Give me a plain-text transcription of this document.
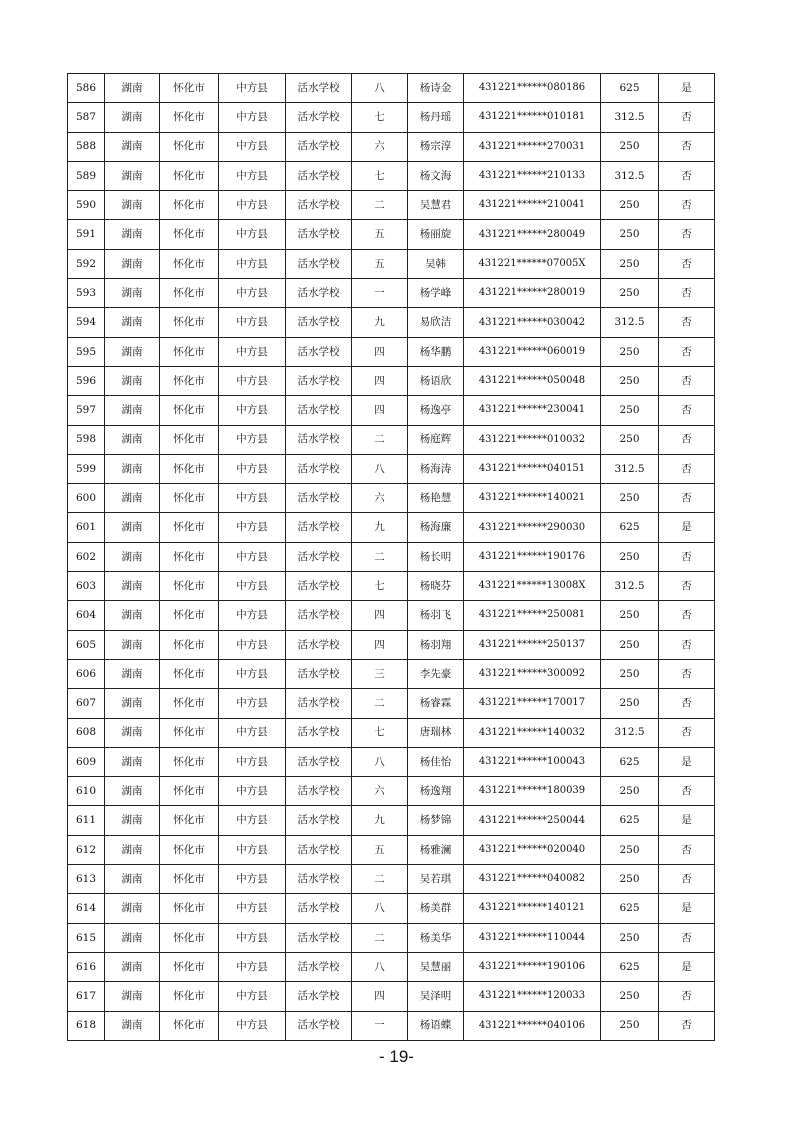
586	湖南	怀化市	中方县	活水学校	八	杨诗金	431221******080186	625	是
587	湖南	怀化市	中方县	活水学校	七	杨丹瑶	431221******010181	312.5	否
588	湖南	怀化市	中方县	活水学校	六	杨宗淳	431221******270031	250	否
589	湖南	怀化市	中方县	活水学校	七	杨文海	431221******210133	312.5	否
590	湖南	怀化市	中方县	活水学校	二	吴慧君	431221******210041	250	否
591	湖南	怀化市	中方县	活水学校	五	杨丽旋	431221******280049	250	否
592	湖南	怀化市	中方县	活水学校	五	吴韩	431221******07005X	250	否
593	湖南	怀化市	中方县	活水学校	一	杨学峰	431221******280019	250	否
594	湖南	怀化市	中方县	活水学校	九	易欣洁	431221******030042	312.5	否
595	湖南	怀化市	中方县	活水学校	四	杨华鹏	431221******060019	250	否
596	湖南	怀化市	中方县	活水学校	四	杨语欣	431221******050048	250	否
597	湖南	怀化市	中方县	活水学校	四	杨逸亭	431221******230041	250	否
598	湖南	怀化市	中方县	活水学校	二	杨庭辉	431221******010032	250	否
599	湖南	怀化市	中方县	活水学校	八	杨海涛	431221******040151	312.5	否
600	湖南	怀化市	中方县	活水学校	六	杨艳慧	431221******140021	250	否
601	湖南	怀化市	中方县	活水学校	九	杨海廉	431221******290030	625	是
602	湖南	怀化市	中方县	活水学校	二	杨长明	431221******190176	250	否
603	湖南	怀化市	中方县	活水学校	七	杨晓芬	431221******13008X	312.5	否
604	湖南	怀化市	中方县	活水学校	四	杨羽飞	431221******250081	250	否
605	湖南	怀化市	中方县	活水学校	四	杨羽翔	431221******250137	250	否
606	湖南	怀化市	中方县	活水学校	三	李先豪	431221******300092	250	否
607	湖南	怀化市	中方县	活水学校	二	杨睿霖	431221******170017	250	否
608	湖南	怀化市	中方县	活水学校	七	唐瑞林	431221******140032	312.5	否
609	湖南	怀化市	中方县	活水学校	八	杨佳怡	431221******100043	625	是
610	湖南	怀化市	中方县	活水学校	六	杨逸翔	431221******180039	250	否
611	湖南	怀化市	中方县	活水学校	九	杨梦锦	431221******250044	625	是
612	湖南	怀化市	中方县	活水学校	五	杨雅澜	431221******020040	250	否
613	湖南	怀化市	中方县	活水学校	二	吴若琪	431221******040082	250	否
614	湖南	怀化市	中方县	活水学校	八	杨美群	431221******140121	625	是
615	湖南	怀化市	中方县	活水学校	二	杨美华	431221******110044	250	否
616	湖南	怀化市	中方县	活水学校	八	吴慧丽	431221******190106	625	是
617	湖南	怀化市	中方县	活水学校	四	吴泽明	431221******120033	250	否
618	湖南	怀化市	中方县	活水学校	一	杨语蝶	431221******040106	250	否
- 19-
